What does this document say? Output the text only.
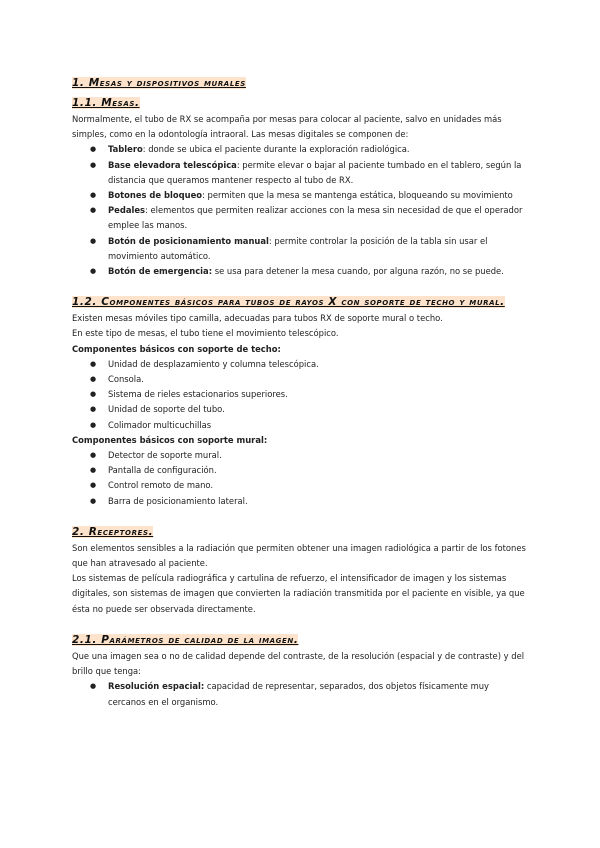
1. Mesas y dispositivos murales

1.1. Mesas.

Normalmente, el tubo de RX se acompaña por mesas para colocar al paciente, salvo en unidades más simples, como en la odontología intraoral. Las mesas digitales se componen de:

● Tablero: donde se ubica el paciente durante la exploración radiológica.
● Base elevadora telescópica: permite elevar o bajar al paciente tumbado en el tablero, según la distancia que queramos mantener respecto al tubo de RX.
● Botones de bloqueo: permiten que la mesa se mantenga estática, bloqueando su movimiento
● Pedales: elementos que permiten realizar acciones con la mesa sin necesidad de que el operador emplee las manos.
● Botón de posicionamiento manual: permite controlar la posición de la tabla sin usar el movimiento automático.
● Botón de emergencia: se usa para detener la mesa cuando, por alguna razón, no se puede.

1.2. Componentes básicos para tubos de rayos X con soporte de techo y mural.

Existen mesas móviles tipo camilla, adecuadas para tubos RX de soporte mural o techo.

En este tipo de mesas, el tubo tiene el movimiento telescópico.

Componentes básicos con soporte de techo:

● Unidad de desplazamiento y columna telescópica.
● Consola.
● Sistema de rieles estacionarios superiores.
● Unidad de soporte del tubo.
● Colimador multicuchillas

Componentes básicos con soporte mural:

● Detector de soporte mural.
● Pantalla de configuración.
● Control remoto de mano.
● Barra de posicionamiento lateral.

2. Receptores.

Son elementos sensibles a la radiación que permiten obtener una imagen radiológica a partir de los fotones que han atravesado al paciente.

Los sistemas de película radiográfica y cartulina de refuerzo, el intensificador de imagen y los sistemas digitales, son sistemas de imagen que convierten la radiación transmitida por el paciente en visible, ya que ésta no puede ser observada directamente.

2.1. Parámetros de calidad de la imagen.

Que una imagen sea o no de calidad depende del contraste, de la resolución (espacial y de contraste) y del brillo que tenga:

● Resolución espacial: capacidad de representar, separados, dos objetos físicamente muy cercanos en el organismo.
